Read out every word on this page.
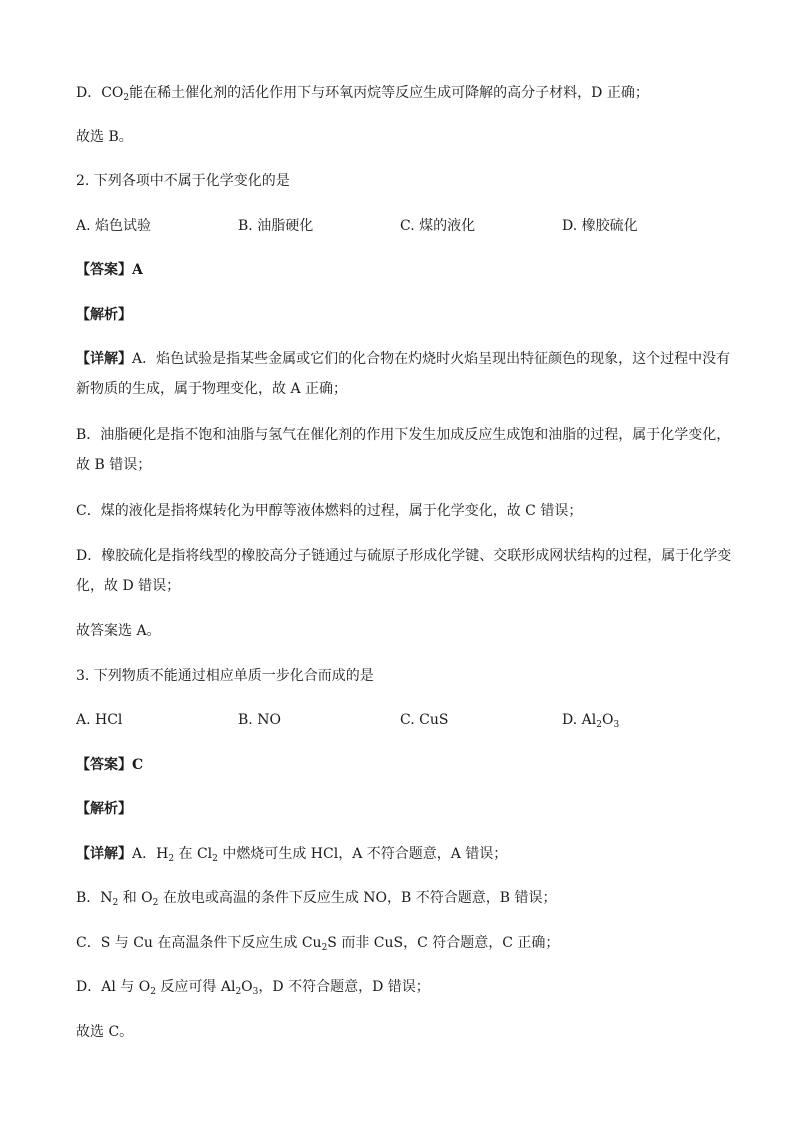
D．$CO_2$能在稀土催化剂的活化作用下与环氧丙烷等反应生成可降解的高分子材料，D 正确；
故选 B。
2. 下列各项中不属于化学变化的是
A. 焰色试验	B. 油脂硬化	C. 煤的液化	D. 橡胶硫化
【答案】A
【解析】
【详解】A．焰色试验是指某些金属或它们的化合物在灼烧时火焰呈现出特征颜色的现象，这个过程中没有
新物质的生成，属于物理变化，故 A 正确；
B．油脂硬化是指不饱和油脂与氢气在催化剂的作用下发生加成反应生成饱和油脂的过程，属于化学变化，
故 B 错误；
C．煤的液化是指将煤转化为甲醇等液体燃料的过程，属于化学变化，故 C 错误；
D．橡胶硫化是指将线型的橡胶高分子链通过与硫原子形成化学键、交联形成网状结构的过程，属于化学变
化，故 D 错误；
故答案选 A。
3. 下列物质不能通过相应单质一步化合而成的是
A. HCl	B. NO	C. CuS	D. $Al_2O_3$
【答案】C
【解析】
【详解】A．$H_2$ 在 $Cl_2$ 中燃烧可生成 HCl，A 不符合题意，A 错误；
B．$N_2$ 和 $O_2$ 在放电或高温的条件下反应生成 NO，B 不符合题意，B 错误；
C．S 与 Cu 在高温条件下反应生成 $Cu_2S$ 而非 CuS，C 符合题意，C 正确；
D．Al 与 $O_2$ 反应可得 $Al_2O_3$，D 不符合题意，D 错误；
故选 C。
